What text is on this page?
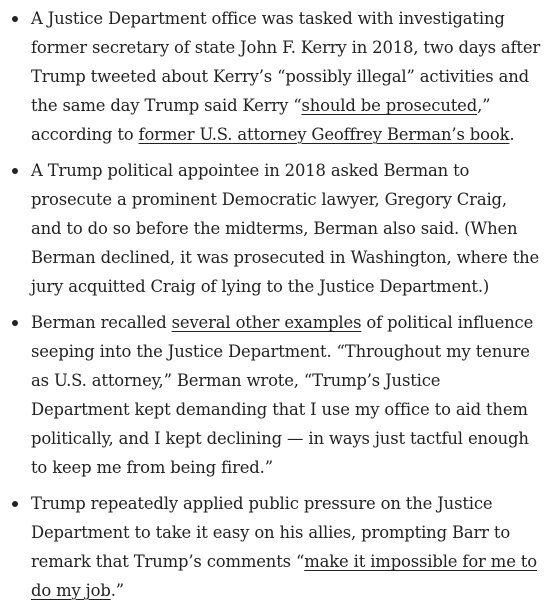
A Justice Department office was tasked with investigating former secretary of state John F. Kerry in 2018, two days after Trump tweeted about Kerry’s “possibly illegal” activities and the same day Trump said Kerry “should be prosecuted,” according to former U.S. attorney Geoffrey Berman’s book.
A Trump political appointee in 2018 asked Berman to prosecute a prominent Democratic lawyer, Gregory Craig, and to do so before the midterms, Berman also said. (When Berman declined, it was prosecuted in Washington, where the jury acquitted Craig of lying to the Justice Department.)
Berman recalled several other examples of political influence seeping into the Justice Department. “Throughout my tenure as U.S. attorney,” Berman wrote, “Trump’s Justice Department kept demanding that I use my office to aid them politically, and I kept declining — in ways just tactful enough to keep me from being fired.”
Trump repeatedly applied public pressure on the Justice Department to take it easy on his allies, prompting Barr to remark that Trump’s comments “make it impossible for me to do my job.”
